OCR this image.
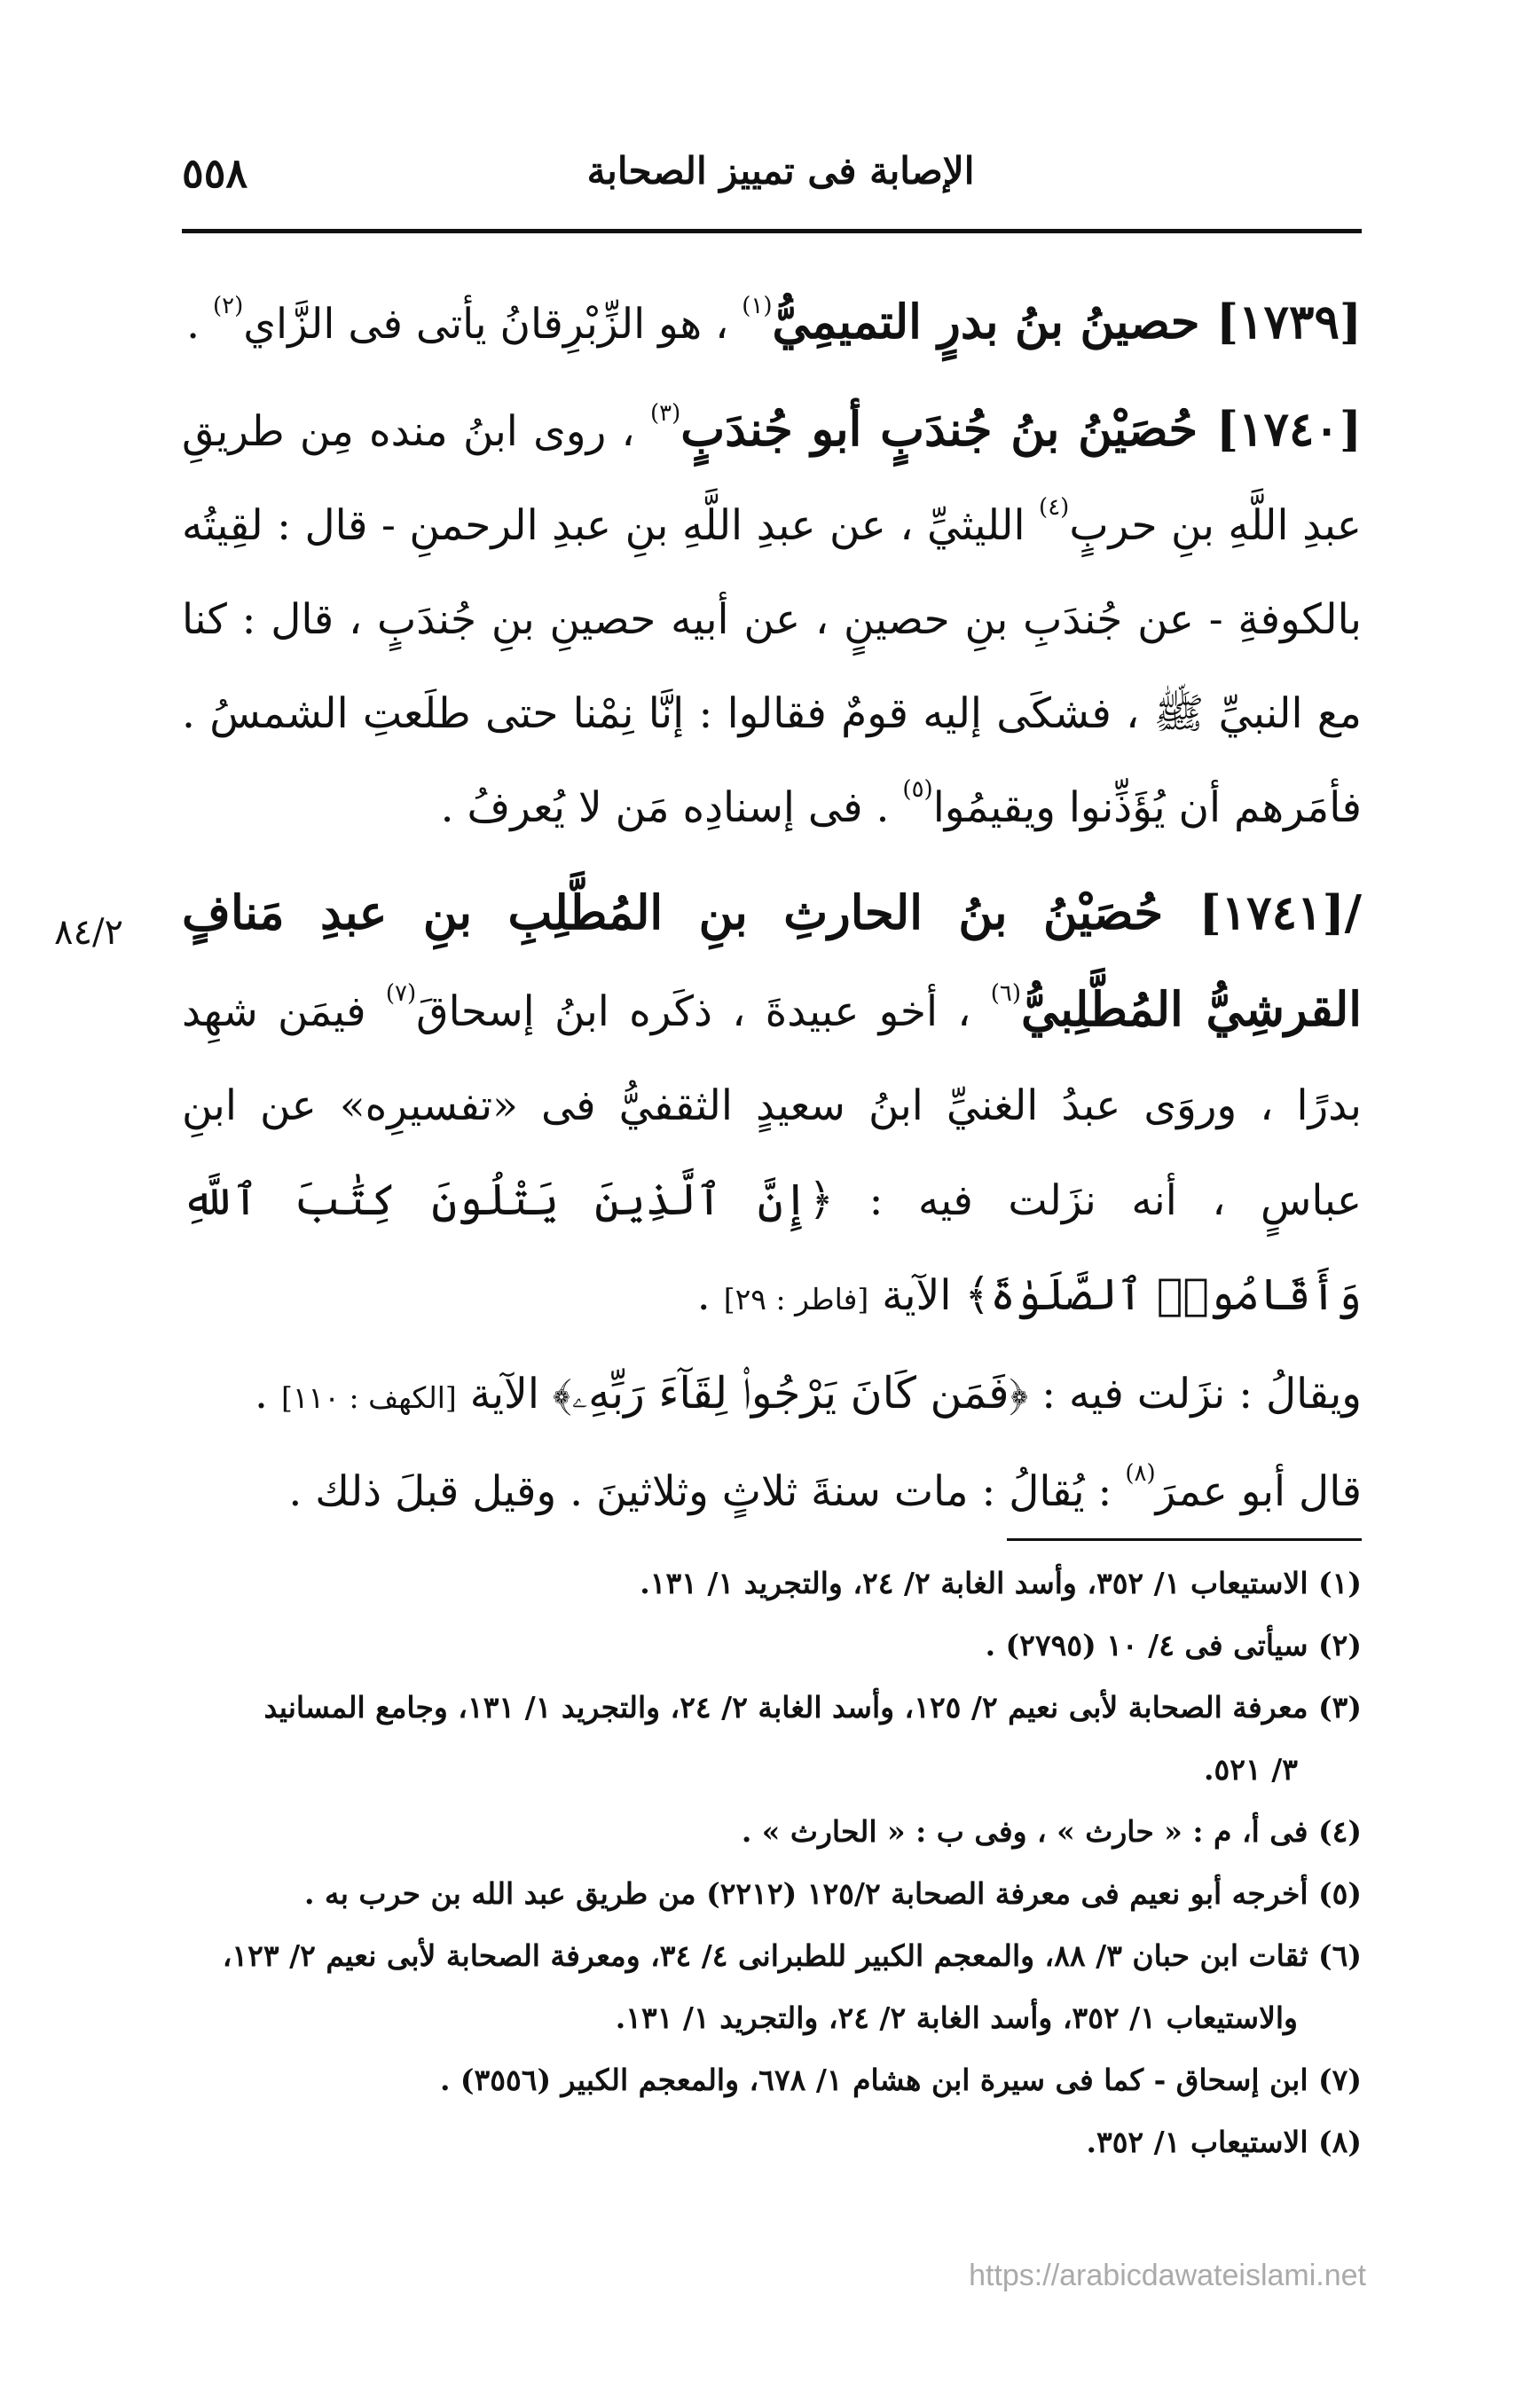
٥٥٨	الإصابة فى تمييز الصحابة
٨٤/٢

[١٧٣٩] حصينُ بنُ بدرٍ التميمِيُّ$^{(١)}$ ، هو الزِّبْرِقانُ يأتى فى الزَّاي$^{(٢)}$ .

[١٧٤٠] حُصَيْنُ بنُ جُندَبٍ أبو جُندَبٍ$^{(٣)}$ ، روى ابنُ منده مِن طريقِ عبدِ اللَّهِ بنِ حربٍ$^{(٤)}$ الليثيِّ ، عن عبدِ اللَّهِ بنِ عبدِ الرحمنِ - قال : لقِيتُه بالكوفةِ - عن جُندَبِ بنِ حصينٍ ، عن أبيه حصينِ بنِ جُندَبٍ ، قال : كنا مع النبيِّ ﷺ ، فشكَى إليه قومٌ فقالوا : إنَّا نِمْنا حتى طلَعتِ الشمسُ . فأمَرهم أن يُؤَذِّنوا ويقيمُوا$^{(٥)}$ . فى إسنادِه مَن لا يُعرفُ .

/[١٧٤١] حُصَيْنُ بنُ الحارثِ بنِ المُطَّلِبِ بنِ عبدِ مَنافٍ القرشِيُّ المُطَّلِبيُّ$^{(٦)}$ ، أخو عبيدةَ ، ذكَره ابنُ إسحاقَ$^{(٧)}$ فيمَن شهِد بدرًا ، وروَى عبدُ الغنيِّ ابنُ سعيدٍ الثقفيُّ فى «تفسيرِه» عن ابنِ عباسٍ ، أنه نزَلت فيه : ﴿إِنَّ ٱلَّذِينَ يَتْلُونَ كِتَٰبَ ٱللَّهِ وَأَقَامُوا۟ ٱلصَّلَوٰةَ﴾ الآية [فاطر : ٢٩] .

ويقالُ : نزَلت فيه : ﴿فَمَن كَانَ يَرْجُوا۟ لِقَآءَ رَبِّهِۦ﴾ الآية [الكهف : ١١٠] .

قال أبو عمرَ$^{(٨)}$ : يُقالُ : مات سنةَ ثلاثٍ وثلاثينَ . وقيل قبلَ ذلك .

(١) الاستيعاب ١/ ٣٥٢، وأسد الغابة ٢/ ٢٤، والتجريد ١/ ١٣١.

(٢) سيأتى فى ٤/ ١٠ (٢٧٩٥) .

(٣) معرفة الصحابة لأبى نعيم ٢/ ١٢٥، وأسد الغابة ٢/ ٢٤، والتجريد ١/ ١٣١، وجامع المسانيد

٣/ ٥٢١.

(٤) فى أ، م : « حارث » ، وفى ب : « الحارث » .

(٥) أخرجه أبو نعيم فى معرفة الصحابة ١٢٥/٢ (٢٢١٢) من طريق عبد الله بن حرب به .

(٦) ثقات ابن حبان ٣/ ٨٨، والمعجم الكبير للطبرانى ٤/ ٣٤، ومعرفة الصحابة لأبى نعيم ٢/ ١٢٣،

والاستيعاب ١/ ٣٥٢، وأسد الغابة ٢/ ٢٤، والتجريد ١/ ١٣١.

(٧) ابن إسحاق - كما فى سيرة ابن هشام ١/ ٦٧٨، والمعجم الكبير (٣٥٥٦) .

(٨) الاستيعاب ١/ ٣٥٢.

https://arabicdawateislami.net
